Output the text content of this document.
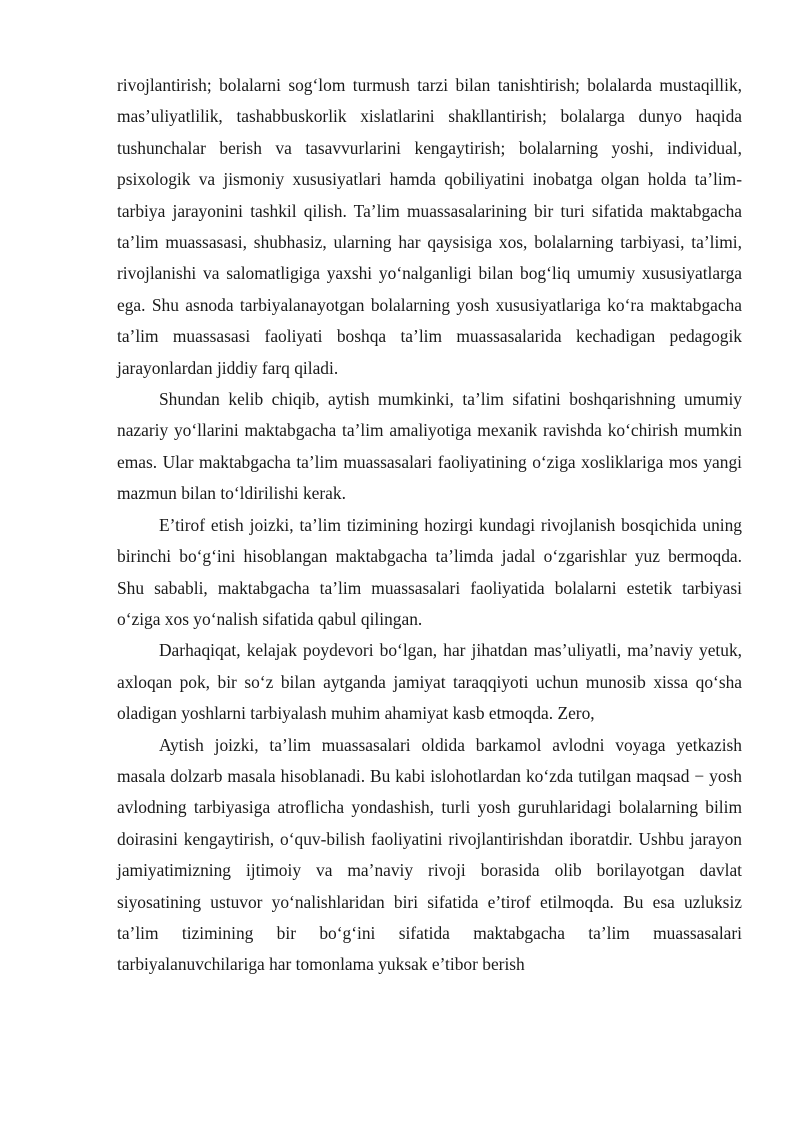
rivojlantirish; bolalarni sog‘lom turmush tarzi bilan tanishtirish; bolalarda mustaqillik, mas’uliyatlilik, tashabbuskorlik xislatlarini shakllantirish; bolalarga dunyo haqida tushunchalar berish va tasavvurlarini kengaytirish; bolalarning yoshi, individual, psixologik va jismoniy xususiyatlari hamda qobiliyatini inobatga olgan holda ta’lim-tarbiya jarayonini tashkil qilish. Ta’lim muassasalarining bir turi sifatida maktabgacha ta’lim muassasasi, shubhasiz, ularning har qaysisiga xos, bolalarning tarbiyasi, ta’limi, rivojlanishi va salomatligiga yaxshi yo‘nalganligi bilan bog‘liq umumiy xususiyatlarga ega. Shu asnoda tarbiyalanayotgan bolalarning yosh xususiyatlariga ko‘ra maktabgacha ta’lim muassasasi faoliyati boshqa ta’lim muassasalarida kechadigan pedagogik jarayonlardan jiddiy farq qiladi.

Shundan kelib chiqib, aytish mumkinki, ta’lim sifatini boshqarishning umumiy nazariy yo‘llarini maktabgacha ta’lim amaliyotiga mexanik ravishda ko‘chirish mumkin emas. Ular maktabgacha ta’lim muassasalari faoliyatining o‘ziga xosliklariga mos yangi mazmun bilan to‘ldirilishi kerak.

E’tirof etish joizki, ta’lim tizimining hozirgi kundagi rivojlanish bosqichida uning birinchi bo‘g‘ini hisoblangan maktabgacha ta’limda jadal o‘zgarishlar yuz bermoqda. Shu sababli, maktabgacha ta’lim muassasalari faoliyatida bolalarni estetik tarbiyasi o‘ziga xos yo‘nalish sifatida qabul qilingan.

Darhaqiqat, kelajak poydevori bo‘lgan, har jihatdan mas’uliyatli, ma’naviy yetuk, axloqan pok, bir so‘z bilan aytganda jamiyat taraqqiyoti uchun munosib xissa qo‘sha oladigan yoshlarni tarbiyalash muhim ahamiyat kasb etmoqda. Zero,

Aytish joizki, ta’lim muassasalari oldida barkamol avlodni voyaga yetkazish masala dolzarb masala hisoblanadi. Bu kabi islohotlardan ko‘zda tutilgan maqsad − yosh avlodning tarbiyasiga atroflicha yondashish, turli yosh guruhlaridagi bolalarning bilim doirasini kengaytirish, o‘quv-bilish faoliyatini rivojlantirishdan iboratdir. Ushbu jarayon jamiyatimizning ijtimoiy va ma’naviy rivoji borasida olib borilayotgan davlat siyosatining ustuvor yo‘nalishlaridan biri sifatida e’tirof etilmoqda. Bu esa uzluksiz ta’lim tizimining bir bo‘g‘ini sifatida maktabgacha ta’lim muassasalari tarbiyalanuvchilariga har tomonlama yuksak e’tibor berish
